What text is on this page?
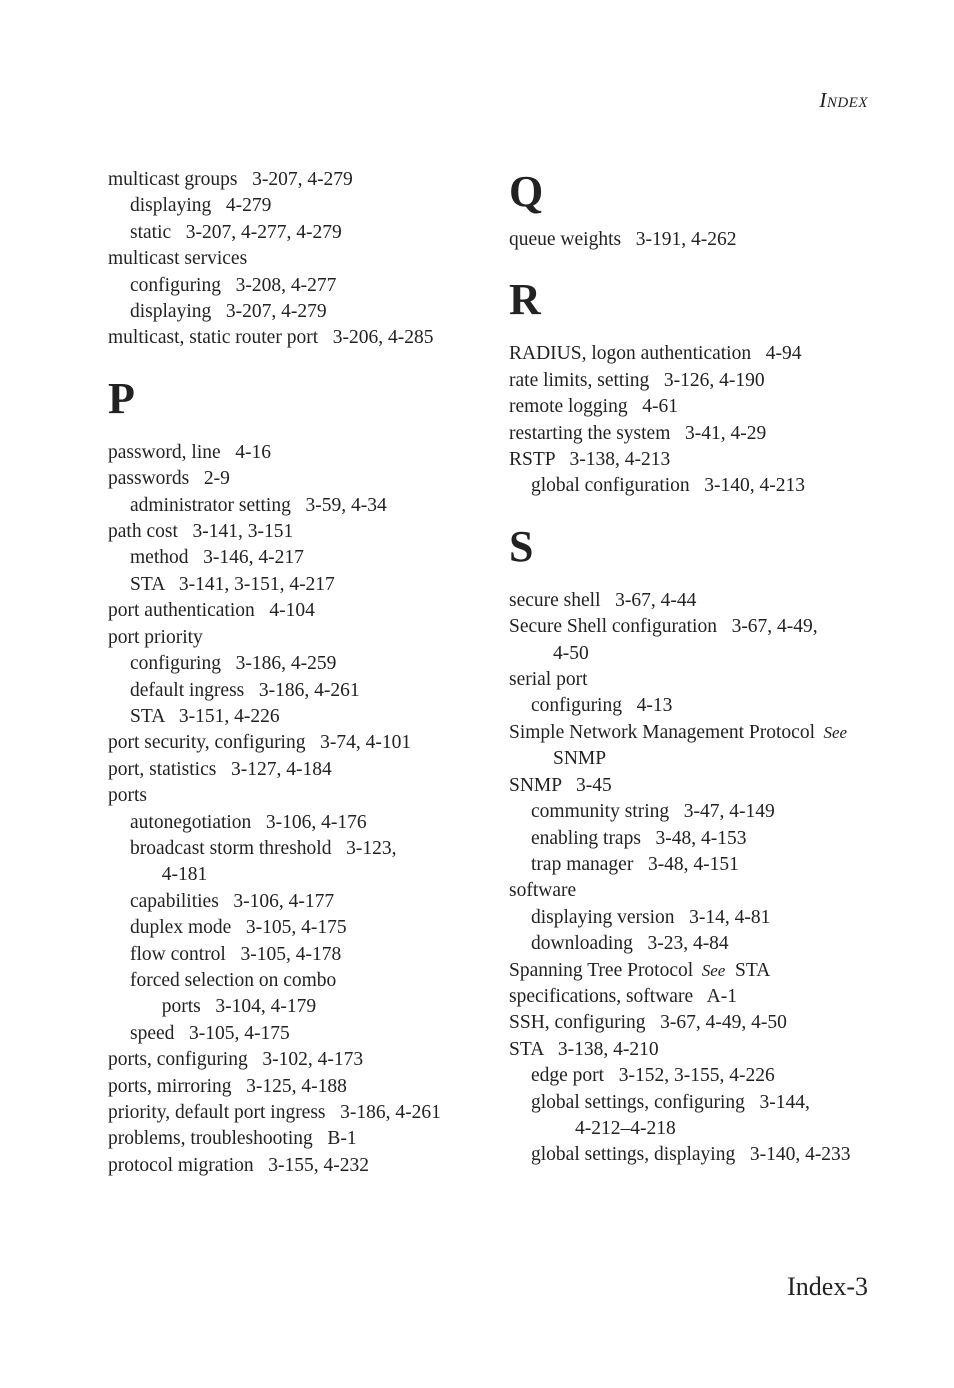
INDEX
multicast groups   3-207, 4-279
displaying   4-279
static   3-207, 4-277, 4-279
multicast services
configuring   3-208, 4-277
displaying   3-207, 4-279
multicast, static router port   3-206, 4-285
P
password, line   4-16
passwords   2-9
administrator setting   3-59, 4-34
path cost   3-141, 3-151
method   3-146, 4-217
STA   3-141, 3-151, 4-217
port authentication   4-104
port priority
configuring   3-186, 4-259
default ingress   3-186, 4-261
STA   3-151, 4-226
port security, configuring   3-74, 4-101
port, statistics   3-127, 4-184
ports
autonegotiation   3-106, 4-176
broadcast storm threshold   3-123,
4-181
capabilities   3-106, 4-177
duplex mode   3-105, 4-175
flow control   3-105, 4-178
forced selection on combo
ports   3-104, 4-179
speed   3-105, 4-175
ports, configuring   3-102, 4-173
ports, mirroring   3-125, 4-188
priority, default port ingress   3-186, 4-261
problems, troubleshooting   B-1
protocol migration   3-155, 4-232
Q
queue weights   3-191, 4-262
R
RADIUS, logon authentication   4-94
rate limits, setting   3-126, 4-190
remote logging   4-61
restarting the system   3-41, 4-29
RSTP   3-138, 4-213
global configuration   3-140, 4-213
S
secure shell   3-67, 4-44
Secure Shell configuration   3-67, 4-49,
4-50
serial port
configuring   4-13
Simple Network Management Protocol  See
SNMP
SNMP   3-45
community string   3-47, 4-149
enabling traps   3-48, 4-153
trap manager   3-48, 4-151
software
displaying version   3-14, 4-81
downloading   3-23, 4-84
Spanning Tree Protocol  See  STA
specifications, software   A-1
SSH, configuring   3-67, 4-49, 4-50
STA   3-138, 4-210
edge port   3-152, 3-155, 4-226
global settings, configuring   3-144,
4-212–4-218
global settings, displaying   3-140, 4-233
Index-3
